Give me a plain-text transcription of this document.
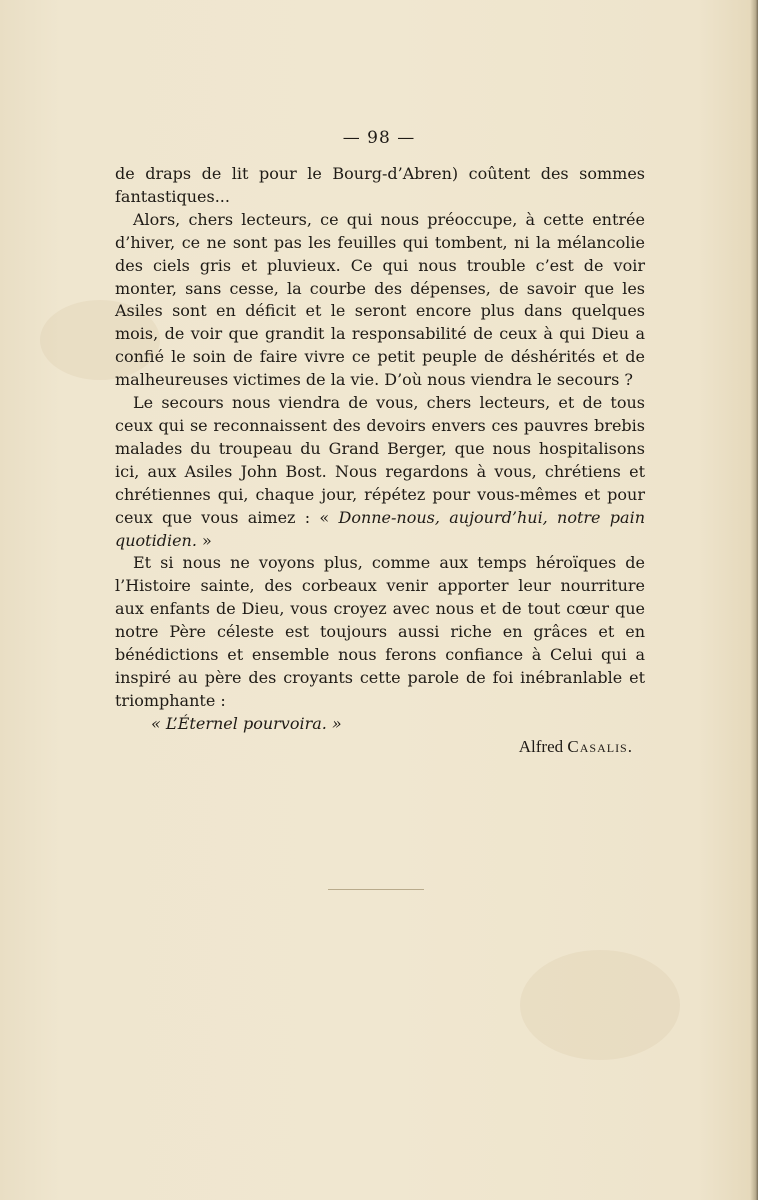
— 98 —

de draps de lit pour le Bourg-d’Abren) coûtent des sommes fantastiques...

Alors, chers lecteurs, ce qui nous préoccupe, à cette entrée d’hiver, ce ne sont pas les feuilles qui tombent, ni la mélancolie des ciels gris et pluvieux. Ce qui nous trouble c’est de voir monter, sans cesse, la courbe des dépenses, de savoir que les Asiles sont en déficit et le seront encore plus dans quelques mois, de voir que grandit la responsabilité de ceux à qui Dieu a confié le soin de faire vivre ce petit peuple de déshérités et de malheureuses victimes de la vie. D’où nous viendra le secours ?

Le secours nous viendra de vous, chers lecteurs, et de tous ceux qui se reconnaissent des devoirs envers ces pauvres brebis malades du troupeau du Grand Berger, que nous hospitalisons ici, aux Asiles John Bost. Nous regardons à vous, chrétiens et chrétiennes qui, chaque jour, répétez pour vous-mêmes et pour ceux que vous aimez : « Donne-nous, aujourd’hui, notre pain quotidien. »

Et si nous ne voyons plus, comme aux temps héroïques de l’Histoire sainte, des corbeaux venir apporter leur nourriture aux enfants de Dieu, vous croyez avec nous et de tout cœur que notre Père céleste est toujours aussi riche en grâces et en bénédictions et ensemble nous ferons confiance à Celui qui a inspiré au père des croyants cette parole de foi inébranlable et triomphante :

« L’Éternel pourvoira. »

Alfred Casalis.
